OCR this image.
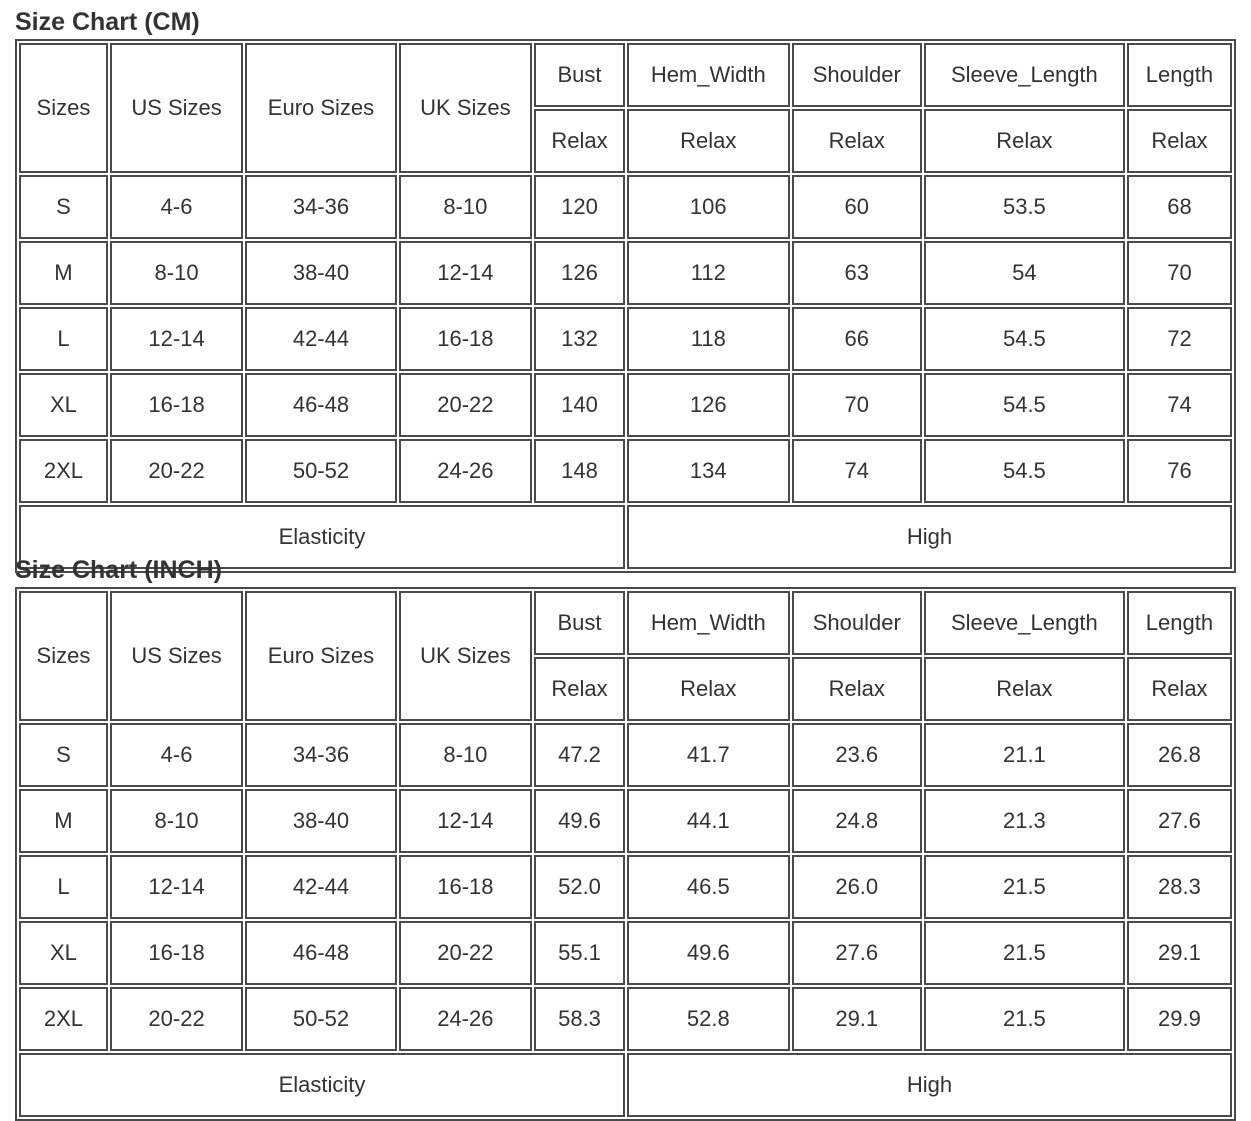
Size Chart (CM)
Sizes	US Sizes	Euro Sizes	UK Sizes	Bust	Hem_Width	Shoulder	Sleeve_Length	Length
				Relax	Relax	Relax	Relax	Relax
S	4-6	34-36	8-10	120	106	60	53.5	68
M	8-10	38-40	12-14	126	112	63	54	70
L	12-14	42-44	16-18	132	118	66	54.5	72
XL	16-18	46-48	20-22	140	126	70	54.5	74
2XL	20-22	50-52	24-26	148	134	74	54.5	76
Elasticity					High			
Size Chart (INCH)
Sizes	US Sizes	Euro Sizes	UK Sizes	Bust	Hem_Width	Shoulder	Sleeve_Length	Length
				Relax	Relax	Relax	Relax	Relax
S	4-6	34-36	8-10	47.2	41.7	23.6	21.1	26.8
M	8-10	38-40	12-14	49.6	44.1	24.8	21.3	27.6
L	12-14	42-44	16-18	52.0	46.5	26.0	21.5	28.3
XL	16-18	46-48	20-22	55.1	49.6	27.6	21.5	29.1
2XL	20-22	50-52	24-26	58.3	52.8	29.1	21.5	29.9
Elasticity					High			
